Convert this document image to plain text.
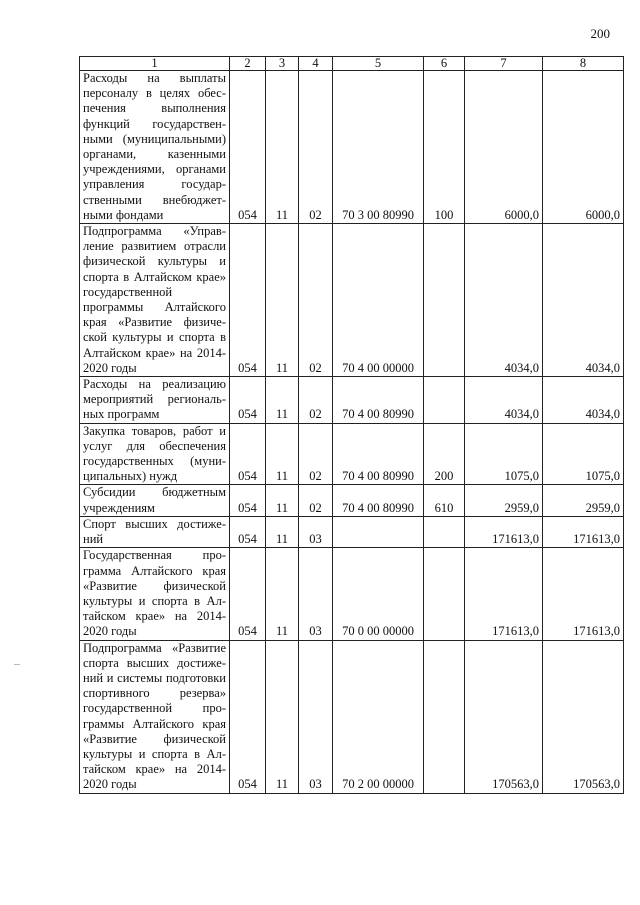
200
1	2	3	4	5	6	7	8
Расходы на выплаты персоналу в целях обеспечения выполнения функций государственными (муниципальными) органами, казенными учреждениями, органами управления государственными внебюджетными фондами	054	11	02	70 3 00 80990	100	6000,0	6000,0
Подпрограмма «Управление развитием отрасли физической культуры и спорта в Алтайском крае» государственной программы Алтайского края «Развитие физической культуры и спорта в Алтайском крае» на 2014-2020 годы	054	11	02	70 4 00 00000		4034,0	4034,0
Расходы на реализацию мероприятий региональных программ	054	11	02	70 4 00 80990		4034,0	4034,0
Закупка товаров, работ и услуг для обеспечения государственных (муниципальных) нужд	054	11	02	70 4 00 80990	200	1075,0	1075,0
Субсидии бюджетным учреждениям	054	11	02	70 4 00 80990	610	2959,0	2959,0
Спорт высших достижений	054	11	03			171613,0	171613,0
Государственная программа Алтайского края «Развитие физической культуры и спорта в Алтайском крае» на 2014-2020 годы	054	11	03	70 0 00 00000		171613,0	171613,0
Подпрограмма «Развитие спорта высших достижений и системы подготовки спортивного резерва» государственной программы Алтайского края «Развитие физической культуры и спорта в Алтайском крае» на 2014-2020 годы	054	11	03	70 2 00 00000		170563,0	170563,0
